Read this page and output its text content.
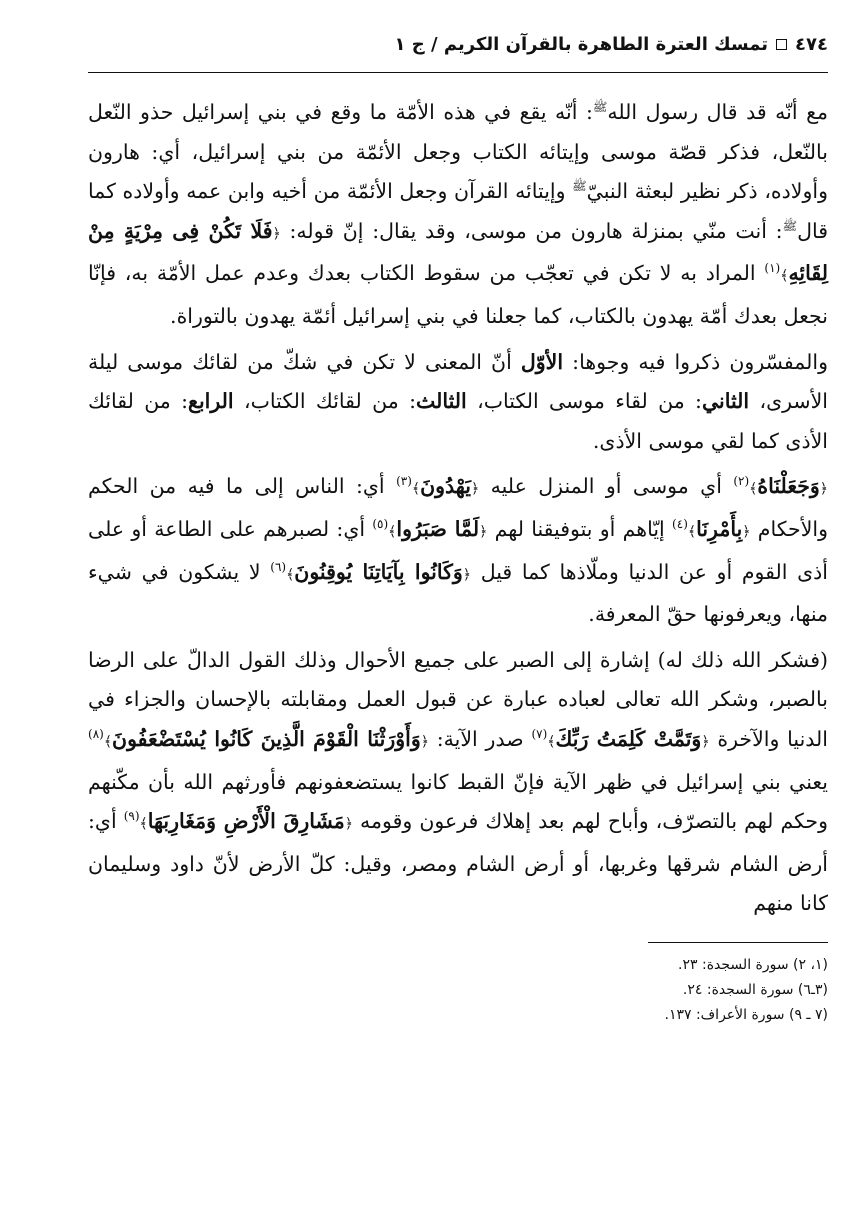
٤٧٤
تمسك العترة الطاهرة بالقرآن الكريم / ج ١

مع أنّه قد قال رسول الله$^ﷺ$: أنّه يقع في هذه الأمّة ما وقع في بني إسرائيل حذو النّعل بالنّعل، فذكر قصّة موسى وإيتائه الكتاب وجعل الأئمّة من بني إسرائيل، أي: هارون وأولاده، ذكر نظير لبعثة النبيّ$^ﷺ$ وإيتائه القرآن وجعل الأئمّة من أخيه وابن عمه وأولاده كما قال$^ﷺ$: أنت منّي بمنزلة هارون من موسى، وقد يقال: إنّ قوله: ﴿فَلَا تَكُنْ فِى مِرْيَةٍ مِنْ لِقَائِهِ﴾$^{(١)}$ المراد به لا تكن في تعجّب من سقوط الكتاب بعدك وعدم عمل الأمّة به، فإنّا نجعل بعدك أمّة يهدون بالكتاب، كما جعلنا في بني إسرائيل أئمّة يهدون بالتوراة.

والمفسّرون ذكروا فيه وجوها: الأوّل أنّ المعنى لا تكن في شكّ من لقائك موسى ليلة الأسرى، الثاني: من لقاء موسى الكتاب، الثالث: من لقائك الكتاب، الرابع: من لقائك الأذى كما لقي موسى الأذى.

﴿وَجَعَلْنَاهُ﴾$^{(٢)}$ أي موسى أو المنزل عليه ﴿يَهْدُونَ﴾$^{(٣)}$ أي: الناس إلى ما فيه من الحكم والأحكام ﴿بِأَمْرِنَا﴾$^{(٤)}$ إيّاهم أو بتوفيقنا لهم ﴿لَمَّا صَبَرُوا﴾$^{(٥)}$ أي: لصبرهم على الطاعة أو على أذى القوم أو عن الدنيا وملّاذها كما قيل ﴿وَكَانُوا بِآيَاتِنَا يُوقِنُونَ﴾$^{(٦)}$ لا يشكون في شيء منها، ويعرفونها حقّ المعرفة.

(فشكر الله ذلك له) إشارة إلى الصبر على جميع الأحوال وذلك القول الدالّ على الرضا بالصبر، وشكر الله تعالى لعباده عبارة عن قبول العمل ومقابلته بالإحسان والجزاء في الدنيا والآخرة ﴿وَتَمَّتْ كَلِمَتُ رَبِّكَ﴾$^{(٧)}$ صدر الآية: ﴿وَأَوْرَثْنَا الْقَوْمَ الَّذِينَ كَانُوا يُسْتَضْعَفُونَ﴾$^{(٨)}$ يعني بني إسرائيل في ظهر الآية فإنّ القبط كانوا يستضعفونهم فأورثهم الله بأن مكّنهم وحكم لهم بالتصرّف، وأباح لهم بعد إهلاك فرعون وقومه ﴿مَشَارِقَ الْأَرْضِ وَمَغَارِبَهَا﴾$^{(٩)}$ أي: أرض الشام شرقها وغربها، أو أرض الشام ومصر، وقيل: كلّ الأرض لأنّ داود وسليمان كانا منهم

(١، ٢) سورة السجدة: ٢٣.
(٣ـ٦) سورة السجدة: ٢٤.
(٧ ـ ٩) سورة الأعراف: ١٣٧.
